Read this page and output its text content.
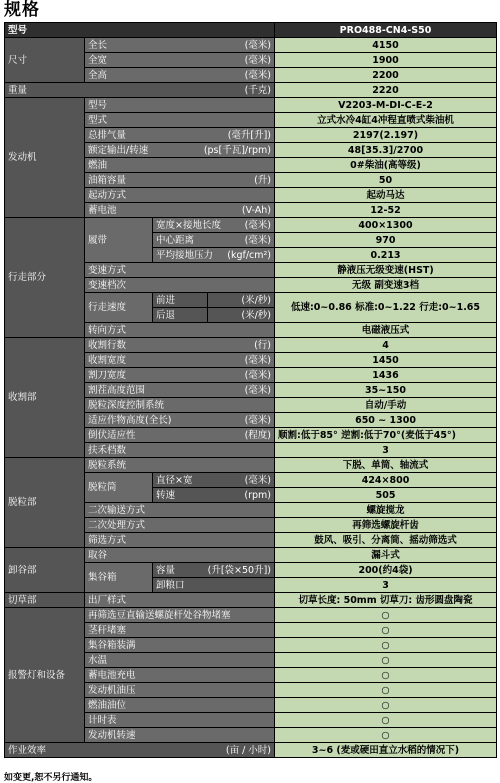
规格
型号				PRO488-CN4-S50
尺寸	全长 (毫米)			4150

	全宽 (毫米)			1900

	全高 (毫米)			2200

重量 (千克)				2220
发动机	型号			V2203-M-DI-C-E-2
	型式			立式水冷4缸4冲程直喷式柴油机

	总排气量 (毫升[升])			2197(2.197)

	额定输出/转速 (ps[千瓦]/rpm)			48[35.3]/2700
	燃油			0#柴油(高等级)

	油箱容量 (升)			50
	起动方式			起动马达

	蓄电池 (V-Ah)			12-52
行走部分	履带	宽度×接地长度 (毫米)		400×1300

		中心距离 (毫米)		970

		平均接地压力 (kgf/cm²)		0.213
	变速方式			静液压无级变速(HST)
	变速档次			无级 副变速3档
	行走速度	前进	(米/秒)	低速:0~0.86 标准:0~1.22 行走:0~1.65
		后退	(米/秒)	
	转向方式			电磁液压式
收割部	收割行数 (行)			4

	收割宽度 (毫米)			1450

	割刀宽度 (毫米)			1436

	割茬高度范围 (毫米)			35~150
	脱粒深度控制系统			自动/手动

	适应作物高度(全长) (毫米)			650 ~ 1300

	倒伏适应性 (程度)			顺割:低于85° 逆割:低于70°(麦低于45°)
	扶禾档数			3
脱粒部	脱粒系统			下脱、单筒、轴流式
	脱粒筒	直径×宽 (毫米)		424×800

		转速 (rpm)		505
	二次输送方式			螺旋搅龙
	二次处理方式			再筛选螺旋杆齿
	筛选方式			鼓风、吸引、分离筒、摇动筛选式
卸谷部	取谷			漏斗式
	集谷箱	容量 (升[袋×50升])		200(约4袋)
		卸粮口		3
切草部	出厂样式			切草长度: 50mm 切草刀: 齿形圆盘陶瓷
报警灯和设备	再筛选豆直输送螺旋杆处谷物堵塞			○
	茎秆堵塞			○
	集谷箱装满			○
	水温			○
	蓄电池充电			○
	发动机油压			○
	燃油油位			○
	计时表			○
	发动机转速			○

作业效率 (亩 / 小时)				3~6 (麦或硬田直立水稻的情况下)
如变更,恕不另行通知。
